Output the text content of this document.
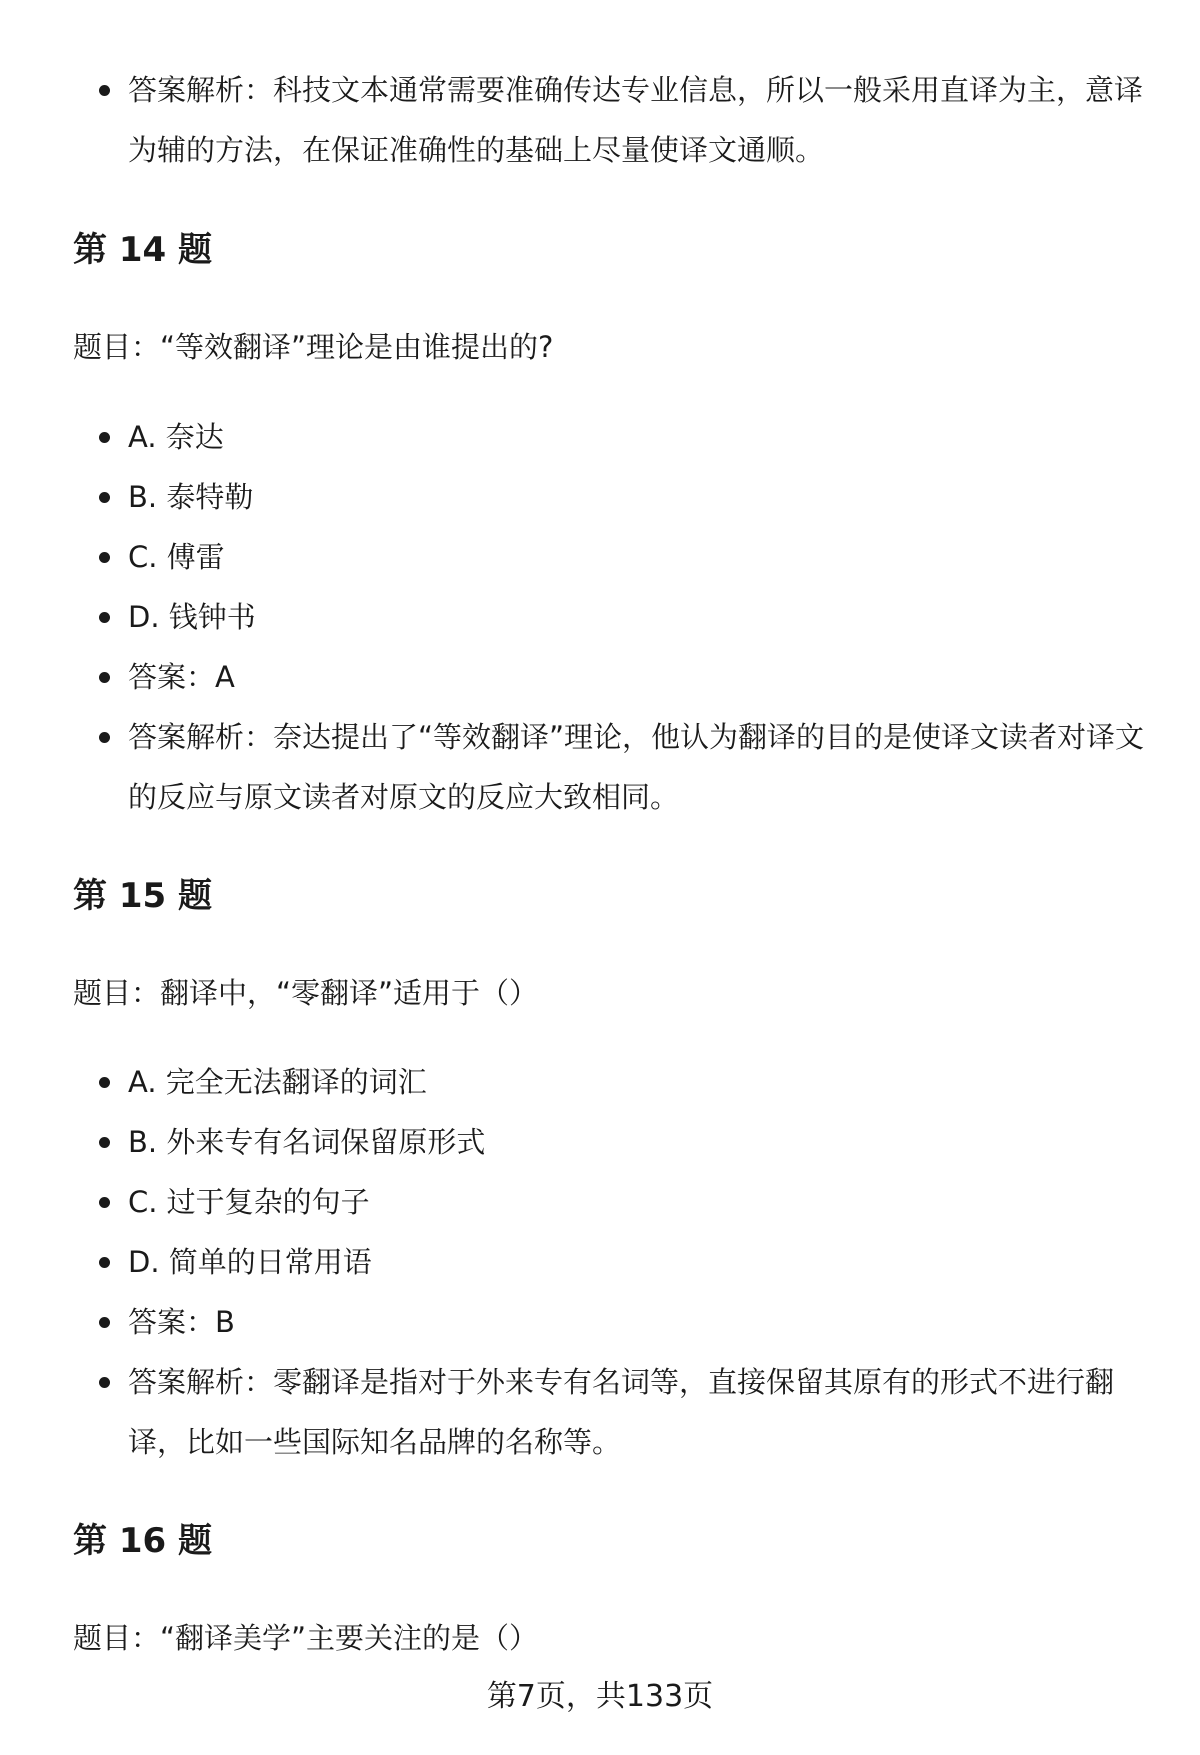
答案解析：科技文本通常需要准确传达专业信息，所以一般采用直译为主，意译为辅的方法，在保证准确性的基础上尽量使译文通顺。
第 14 题

题目：“等效翻译”理论是由谁提出的?

A. 奈达
B. 泰特勒
C. 傅雷
D. 钱钟书
答案：A
答案解析：奈达提出了“等效翻译”理论，他认为翻译的目的是使译文读者对译文的反应与原文读者对原文的反应大致相同。
第 15 题

题目：翻译中，“零翻译”适用于（）

A. 完全无法翻译的词汇
B. 外来专有名词保留原形式
C. 过于复杂的句子
D. 简单的日常用语
答案：B
答案解析：零翻译是指对于外来专有名词等，直接保留其原有的形式不进行翻译，比如一些国际知名品牌的名称等。
第 16 题

题目：“翻译美学”主要关注的是（）

第7页，共133页
